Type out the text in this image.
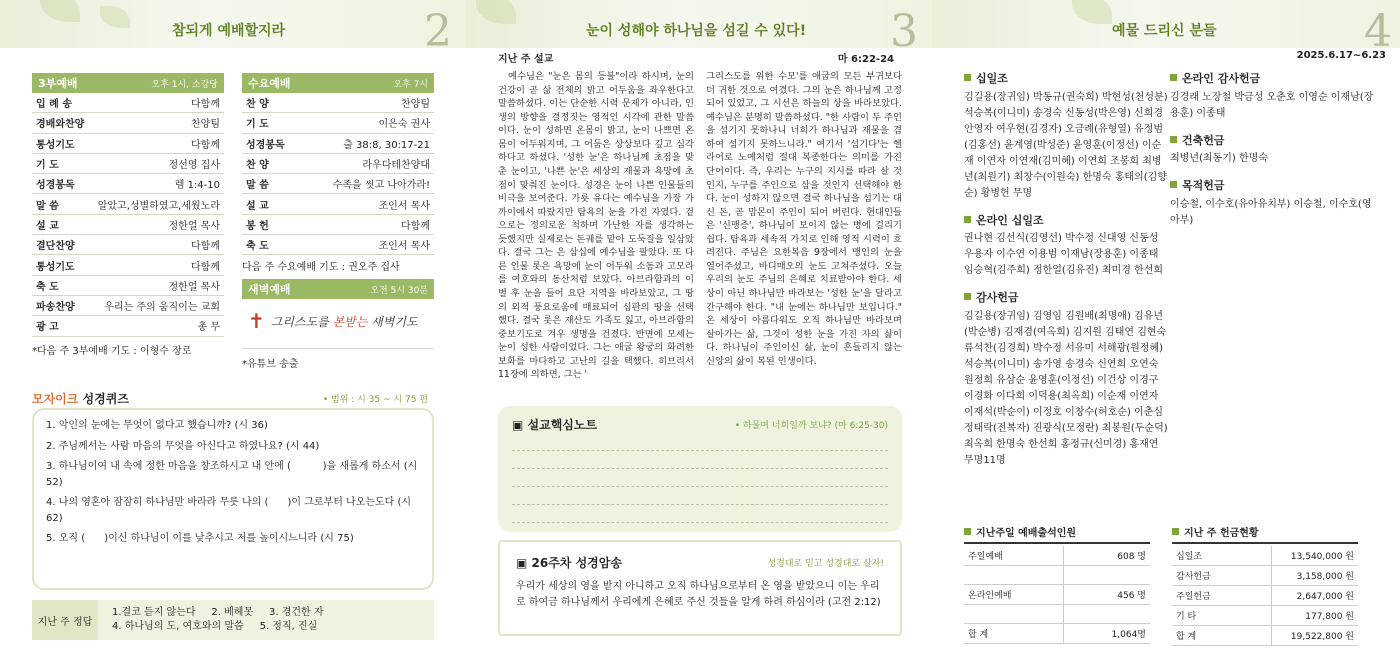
참되게 예배할지라	2
3부예배	오후 1시, 소강당
입 례 송	다함께
경배와찬양	찬양팀
통성기도	다함께
기 도	정선영 집사
성경봉독	렘 1:4-10
말 씀	알았고,성별하였고,세웠노라
설 교	정한얼 목사
결단찬양	다함께
통성기도	다함께
축 도	정한얼 목사
파송찬양	우리는 주의 움직이는 교회
광 고	총 무
*다음 주 3부예배 기도 : 이형수 장로
수요예배	오후 7시
찬 양	찬양팀
기 도	이은숙 권사
성경봉독	출 38:8, 30:17-21
찬 양	라우다테찬양대
말 씀	수족을 씻고 나아가라!
설 교	조인서 목사
봉 헌	다함께
축 도	조인서 목사
다음 주 수요예배 기도 : 권오주 집사
새벽예배	오전 5시 30분
✝ 그리스도를 본받는 새벽기도
*유튜브 송출
모자이크 성경퀴즈	• 범위 : 시 35 ~ 시 75 편
1. 악인의 눈에는 무엇이 없다고 했습니까? (시 36)
2. 주님께서는 사람 마음의 무엇을 아신다고 하였나요? (시 44)
3. 하나님이여 내 속에 정한 마음을 창조하시고 내 안에 (          )을 새롭게 하소서 (시 52)
4. 나의 영혼아 잠잠히 하나님만 바라라 무릇 나의 (      )이 그로부터 나오는도다 (시 62)
5. 오직 (      )이신 하나님이 이를 낮추시고 저를 높이시느니라 (시 75)
지난 주 정답
1.결코 듣지 않는다     2. 베헤못     3. 경건한 자
4. 하나님의 도, 여호와의 말씀     5. 정직, 진실
눈이 성해야 하나님을 섬길 수 있다! 3
지난 주 설교	마 6:22-24
예수님은 "눈은 몸의 등불"이라 하시며, 눈의 건강이 곧 삶 전체의 밝고 어두움을 좌우한다고 말씀하셨다. 이는 단순한 시력 문제가 아니라, 인생의 방향을 결정짓는 영적인 시각에 관한 말씀이다. 눈이 성하면 온몸이 밝고, 눈이 나쁘면 온몸이 어두워지며, 그 어둠은 상상보다 깊고 심각하다고 하셨다. '성한 눈'은 하나님께 초점을 맞춘 눈이고, '나쁜 눈'은 세상의 재물과 욕망에 초점이 맞춰진 눈이다. 성경은 눈이 나쁜 인물들의 비극을 보여준다. 가룟 유다는 예수님을 가장 가까이에서 따랐지만 탐욕의 눈을 가진 자였다. 겉으로는 정의로운 척하며 가난한 자를 생각하는 듯했지만 실제로는 돈궤를 맡아 도둑질을 일삼았다. 결국 그는 은 삼십에 예수님을 팔았다. 또 다른 인물 롯은 욕망에 눈이 어두워 소돔과 고모라를 여호와의 동산처럼 보았다. 아브라함과의 이별 후 눈을 들어 요단 지역을 바라보았고, 그 땅의 외적 풍요로움에 매료되어 심판의 땅을 선택했다. 결국 롯은 재산도 가족도 잃고, 아브라함의 중보기도로 겨우 생명을 건졌다. 반면에 모세는 눈이 성한 사람이었다. 그는 애굽 왕궁의 화려한 보화를 마다하고 고난의 길을 택했다. 히브리서 11장에 의하면, 그는 '
그리스도를 위한 수모'를 애굽의 모든 부귀보다 더 귀한 것으로 여겼다. 그의 눈은 하나님께 고정되어 있었고, 그 시선은 하늘의 상을 바라보았다. 예수님은 분명히 말씀하셨다. "한 사람이 두 주인을 섬기지 못하나니 너희가 하나님과 재물을 겸하여 섬기지 못하느니라." 여기서 '섬기다'는 헬라어로 노예처럼 절대 복종한다는 의미를 가진 단어이다. 즉, 우리는 누구의 지시를 따라 살 것인지, 누구를 주인으로 삼을 것인지 선택해야 한다. 눈이 성하지 않으면 결국 하나님을 섬기는 대신 돈, 곧 맘몬이 주인이 되어 버린다. 현대인들은 '신맹증', 하나님이 보이지 않는 병에 걸리기 쉽다. 탐욕과 세속적 가치로 인해 영적 시력이 흐려진다. 주님은 요한복음 9장에서 맹인의 눈을 열어주셨고, 바디매오의 눈도 고쳐주셨다. 오늘 우리의 눈도 주님의 은혜로 치료받아야 한다. 세상이 아닌 하나님만 바라보는 '성한 눈'을 달라고 간구해야 한다. "내 눈에는 하나님만 보입니다." 온 세상이 아름다워도 오직 하나님만 바라보며 살아가는 삶, 그것이 성한 눈을 가진 자의 삶이다. 하나님이 주인이신 삶, 눈이 흔들리지 않는 신앙의 삶이 복된 인생이다.
▣ 설교핵심노트	• 하물며 너희일까 보냐? (마 6:25-30)
▣ 26주차 성경암송	성경대로 믿고 성경대로 살자!
우리가 세상의 영을 받지 아니하고 오직 하나님으로부터 온 영을 받았으니 이는 우리로 하여금 하나님께서 우리에게 은혜로 주신 것들을 알게 하려 하심이라 (고전 2:12)
예물 드리신 분들	4
2025.6.17~6.23
십일조
김길용(장귀임) 박동규(권숙희) 박현성(천성분) 석승복(이니미) 송경숙 신동성(박은영) 신희경 안영자 여우현(김경자) 오금례(유형열) 유정범(김홍선) 윤계영(박성준) 윤영훈(이정선) 이순재 이연자 이연재(김미혜) 이연희 조봉희 최병년(최원기) 최창수(이원숙) 한명숙 홍태의(김향순) 황병헌 무명
온라인 십일조
권나현 김선식(김영선) 박수정 신대영 신동성 우용자 이수연 이용범 이재남(장용훈) 이종태 임승혁(김주희) 정한얼(김유진) 최미경 한선희
감사헌금
김길용(장귀임) 김영임 김원배(최명애) 김유년(박순병) 김재겸(여옥희) 김지원 김태연 김현숙 류석찬(김경희) 박수정 서유미 서해광(원정혜) 석승복(이니미) 송가영 송경숙 신연희 오연숙 원정희 유삼순 윤영훈(이정선) 이건상 이경구 이경화 이다희 이덕용(최옥희) 이순재 이연자 이재석(박순이) 이정호 이창수(허호순) 이춘심 정태락(전복자) 진광식(모정란) 최봉원(두순덕) 최옥희 한명숙 한선희 홍정규(신미경) 홍재연 무명11명
온라인 감사헌금
김경래 노장철 박금성 오춘호 이영순 이재남(장용훈) 이종태
건축헌금
최병년(최동기) 한명숙
목적헌금
이승철, 이수호(유아유치부) 이승철, 이수호(영아부)
지난주일 예배출석인원
주일예배	608 명
온라인예배	456 명
합 계	1,064명
지난 주 헌금현황
십일조	13,540,000 원
감사헌금	3,158,000 원
주일헌금	2,647,000 원
기 타	177,800 원
합 계	19,522,800 원
